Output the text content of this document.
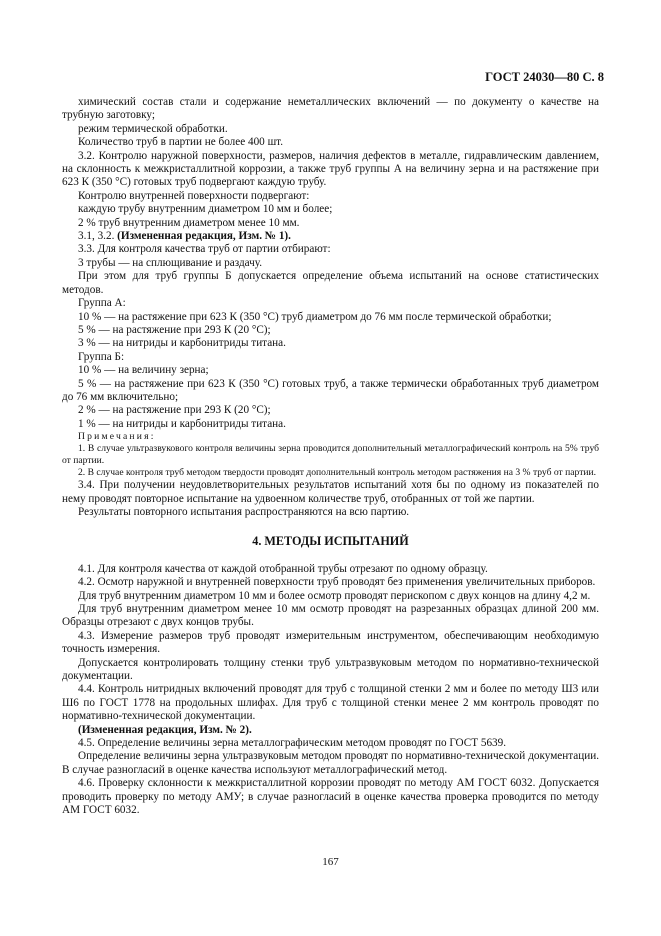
ГОСТ 24030—80 С. 8

химический состав стали и содержание неметаллических включений — по документу о качестве на трубную заготовку;

режим термической обработки.

Количество труб в партии не более 400 шт.

3.2. Контролю наружной поверхности, размеров, наличия дефектов в металле, гидравлическим давлением, на склонность к межкристаллитной коррозии, а также труб группы А на величину зерна и на растяжение при 623 К (350 °С) готовых труб подвергают каждую трубу.

Контролю внутренней поверхности подвергают:

каждую трубу внутренним диаметром 10 мм и более;

2 % труб внутренним диаметром менее 10 мм.

3.1, 3.2. (Измененная редакция, Изм. № 1).

3.3. Для контроля качества труб от партии отбирают:

3 трубы — на сплющивание и раздачу.

При этом для труб группы Б допускается определение объема испытаний на основе статистических методов.

Группа А:

10 % — на растяжение при 623 К (350 °С) труб диаметром до 76 мм после термической обработки;

5 % — на растяжение при 293 К (20 °С);

3 % — на нитриды и карбонитриды титана.

Группа Б:

10 % — на величину зерна;

5 % — на растяжение при 623 К (350 °С) готовых труб, а также термически обработанных труб диаметром до 76 мм включительно;

2 % — на растяжение при 293 К (20 °С);

1 % — на нитриды и карбонитриды титана.

Примечания:

1. В случае ультразвукового контроля величины зерна проводится дополнительный металлографический контроль на 5% труб от партии.

2. В случае контроля труб методом твердости проводят дополнительный контроль методом растяжения на 3 % труб от партии.

3.4. При получении неудовлетворительных результатов испытаний хотя бы по одному из показателей по нему проводят повторное испытание на удвоенном количестве труб, отобранных от той же партии.

Результаты повторного испытания распространяются на всю партию.

4. МЕТОДЫ ИСПЫТАНИЙ

4.1. Для контроля качества от каждой отобранной трубы отрезают по одному образцу.

4.2. Осмотр наружной и внутренней поверхности труб проводят без применения увеличительных приборов.

Для труб внутренним диаметром 10 мм и более осмотр проводят перископом с двух концов на длину 4,2 м.

Для труб внутренним диаметром менее 10 мм осмотр проводят на разрезанных образцах длиной 200 мм. Образцы отрезают с двух концов трубы.

4.3. Измерение размеров труб проводят измерительным инструментом, обеспечивающим необходимую точность измерения.

Допускается контролировать толщину стенки труб ультразвуковым методом по нормативно-технической документации.

4.4. Контроль нитридных включений проводят для труб с толщиной стенки 2 мм и более по методу Ш3 или Ш6 по ГОСТ 1778 на продольных шлифах. Для труб с толщиной стенки менее 2 мм контроль проводят по нормативно-технической документации.

(Измененная редакция, Изм. № 2).

4.5. Определение величины зерна металлографическим методом проводят по ГОСТ 5639.

Определение величины зерна ультразвуковым методом проводят по нормативно-технической документации. В случае разногласий в оценке качества используют металлографический метод.

4.6. Проверку склонности к межкристаллитной коррозии проводят по методу АМ ГОСТ 6032. Допускается проводить проверку по методу АМУ; в случае разногласий в оценке качества проверка проводится по методу АМ ГОСТ 6032.

167
